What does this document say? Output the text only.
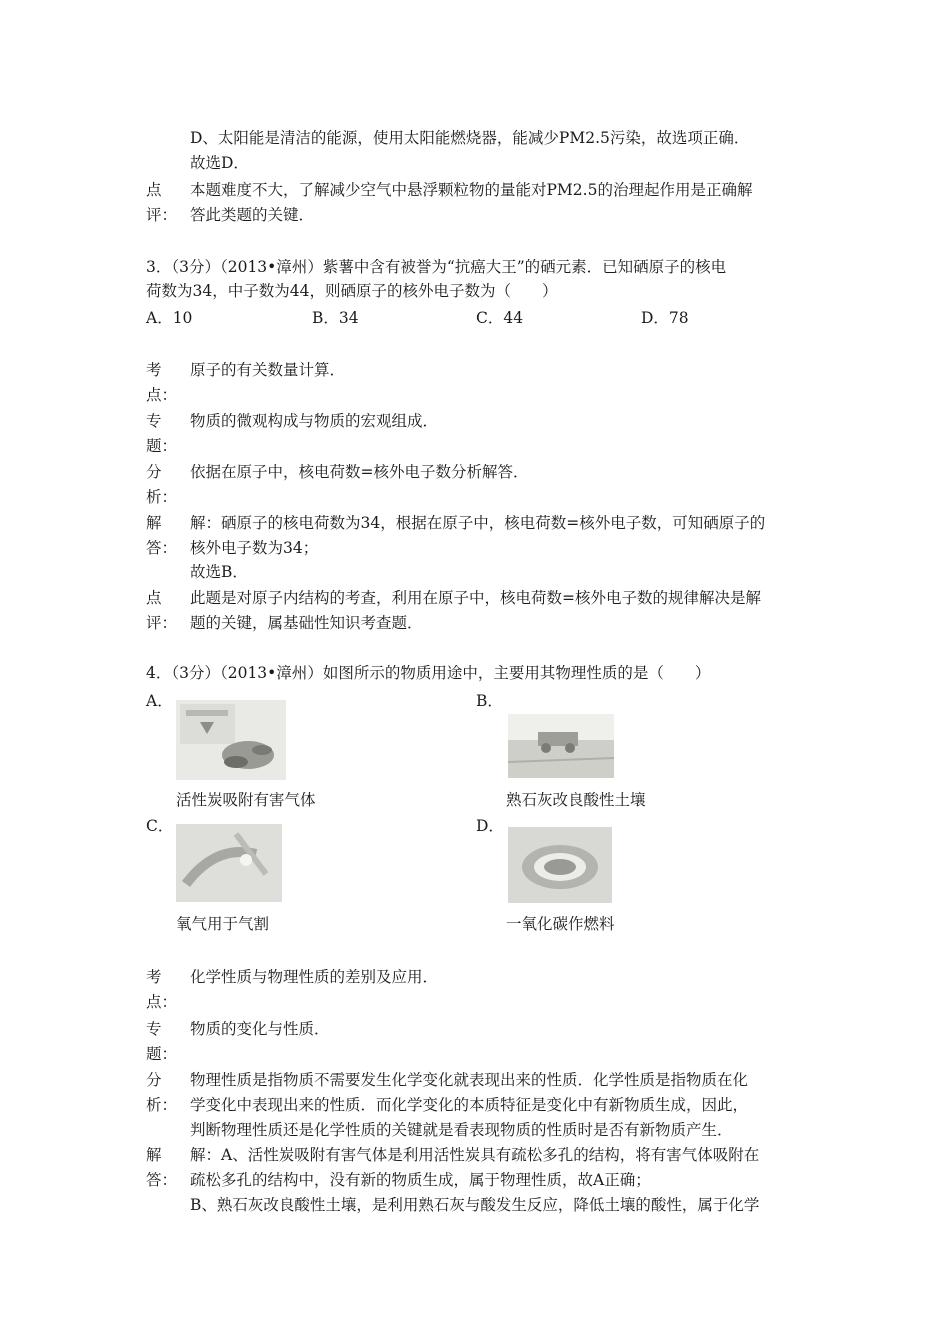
D、太阳能是清洁的能源，使用太阳能燃烧器，能减少PM2.5污染，故选项正确．
故选D．
点
评：
本题难度不大，了解减少空气中悬浮颗粒物的量能对PM2.5的治理起作用是正确解
答此类题的关键．
3．（3分）（2013•漳州）紫薯中含有被誉为“抗癌大王”的硒元素．已知硒原子的核电
荷数为34，中子数为44，则硒原子的核外电子数为（　　）
A．10	B．34	C．44	D．78
考
点：
原子的有关数量计算．
专
题：
物质的微观构成与物质的宏观组成．
分
析：
依据在原子中，核电荷数=核外电子数分析解答．
解
答：
解：硒原子的核电荷数为34，根据在原子中，核电荷数=核外电子数，可知硒原子的
核外电子数为34；
故选B．
点
评：
此题是对原子内结构的考查，利用在原子中，核电荷数=核外电子数的规律解决是解
题的关键，属基础性知识考查题．
4．（3分）（2013•漳州）如图所示的物质用途中，主要用其物理性质的是（　　）
A．
活性炭吸附有害气体
B．
熟石灰改良酸性土壤
C．
氧气用于气割
D．
一氧化碳作燃料
考
点：
化学性质与物理性质的差别及应用．
专
题：
物质的变化与性质．
分
析：
物理性质是指物质不需要发生化学变化就表现出来的性质．化学性质是指物质在化
学变化中表现出来的性质．而化学变化的本质特征是变化中有新物质生成，因此，
判断物理性质还是化学性质的关键就是看表现物质的性质时是否有新物质产生．
解
答：
解：A、活性炭吸附有害气体是利用活性炭具有疏松多孔的结构，将有害气体吸附在
疏松多孔的结构中，没有新的物质生成，属于物理性质，故A正确；
B、熟石灰改良酸性土壤，是利用熟石灰与酸发生反应，降低土壤的酸性，属于化学
